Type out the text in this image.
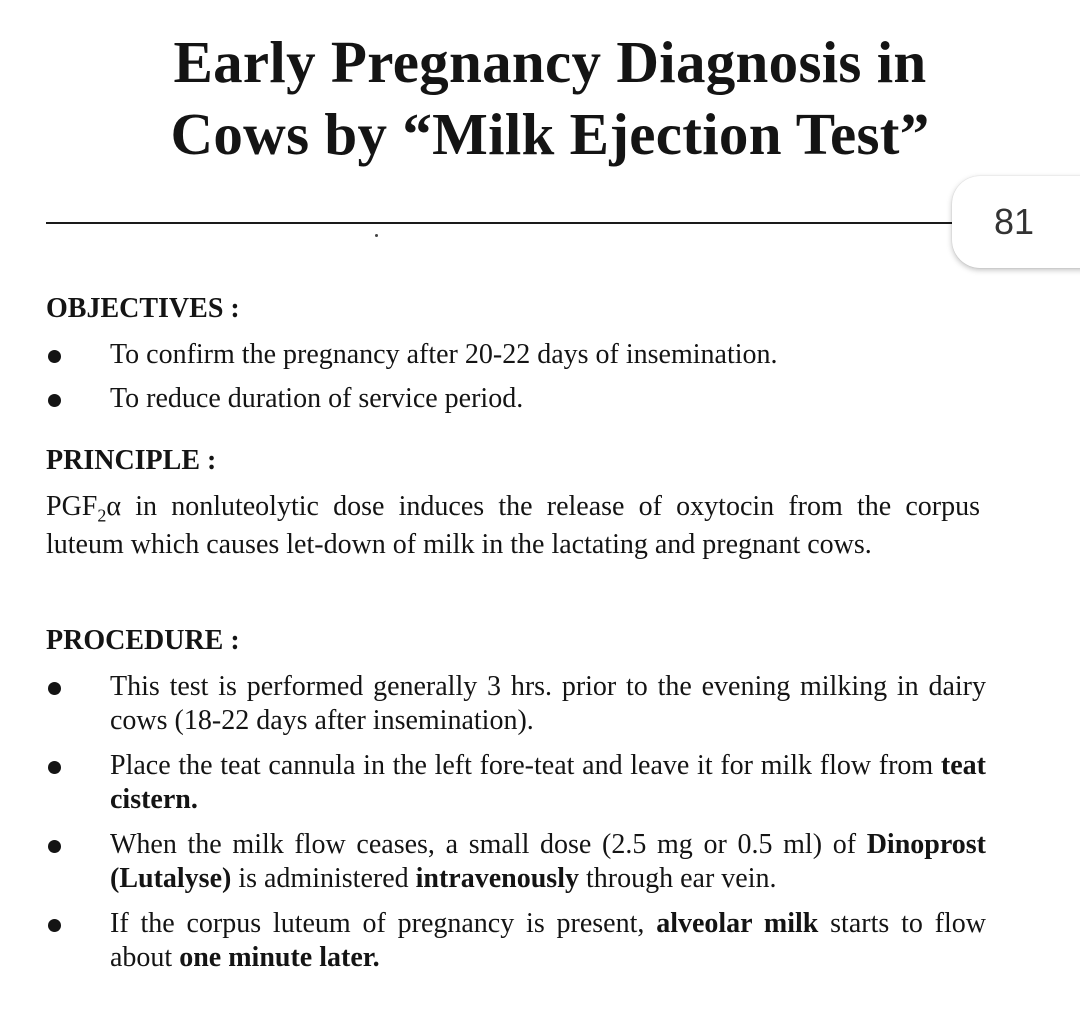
Early Pregnancy Diagnosis in
Cows by “Milk Ejection Test”
81
OBJECTIVES :
To confirm the pregnancy after 20-22 days of insemination.
To reduce duration of service period.
PRINCIPLE :

$PGF_2\alpha$ in nonluteolytic dose induces the release of oxytocin from the corpus luteum which causes let-down of milk in the lactating and pregnant cows.

PROCEDURE :
This test is performed generally 3 hrs. prior to the evening milking in dairy cows (18-22 days after insemination).
Place the teat cannula in the left fore-teat and leave it for milk flow from teat cistern.
When the milk flow ceases, a small dose (2.5 mg or 0.5 ml) of Dinoprost (Lutalyse) is administered intravenously through ear vein.
If the corpus luteum of pregnancy is present, alveolar milk starts to flow about one minute later.
